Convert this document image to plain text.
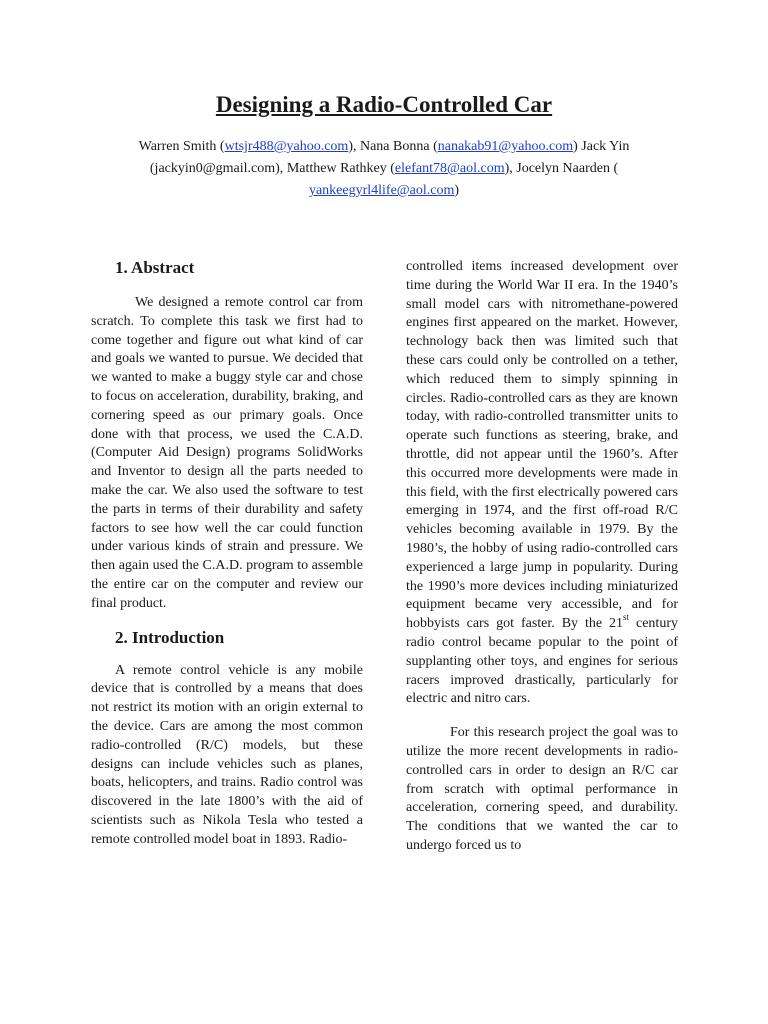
Designing a Radio-Controlled Car
Warren Smith (wtsjr488@yahoo.com), Nana Bonna (nanakab91@yahoo.com) Jack Yin (jackyin0@gmail.com), Matthew Rathkey (elefant78@aol.com), Jocelyn Naarden (
yankeegyrl4life@aol.com)
1. Abstract

We designed a remote control car from scratch. To complete this task we first had to come together and figure out what kind of car and goals we wanted to pursue. We decided that we wanted to make a buggy style car and chose to focus on acceleration, durability, braking, and cornering speed as our primary goals. Once done with that process, we used the C.A.D. (Computer Aid Design) programs SolidWorks and Inventor to design all the parts needed to make the car. We also used the software to test the parts in terms of their durability and safety factors to see how well the car could function under various kinds of strain and pressure. We then again used the C.A.D. program to assemble the entire car on the computer and review our final product.

2. Introduction

A remote control vehicle is any mobile device that is controlled by a means that does not restrict its motion with an origin external to the device. Cars are among the most common radio-controlled (R/C) models, but these designs can include vehicles such as planes, boats, helicopters, and trains. Radio control was discovered in the late 1800’s with the aid of scientists such as Nikola Tesla who tested a remote controlled model boat in 1893. Radio-

controlled items increased development over time during the World War II era. In the 1940’s small model cars with nitromethane-powered engines first appeared on the market. However, technology back then was limited such that these cars could only be controlled on a tether, which reduced them to simply spinning in circles. Radio-controlled cars as they are known today, with radio-controlled transmitter units to operate such functions as steering, brake, and throttle, did not appear until the 1960’s. After this occurred more developments were made in this field, with the first electrically powered cars emerging in 1974, and the first off-road R/C vehicles becoming available in 1979. By the 1980’s, the hobby of using radio-controlled cars experienced a large jump in popularity. During the 1990’s more devices including miniaturized equipment became very accessible, and for hobbyists cars got faster. By the 21st century radio control became popular to the point of supplanting other toys, and engines for serious racers improved drastically, particularly for electric and nitro cars.

For this research project the goal was to utilize the more recent developments in radio-controlled cars in order to design an R/C car from scratch with optimal performance in acceleration, cornering speed, and durability. The conditions that we wanted the car to undergo forced us to
